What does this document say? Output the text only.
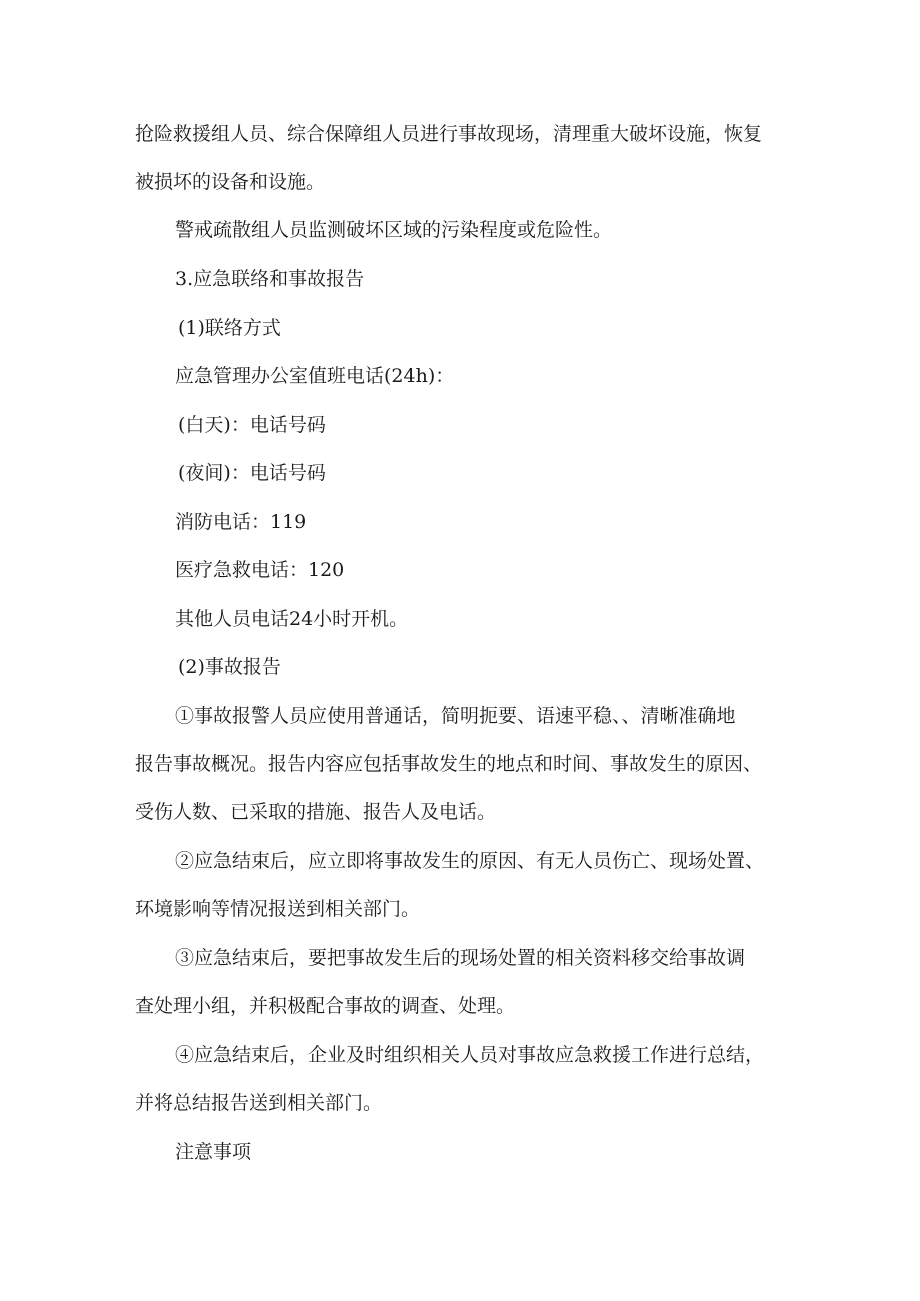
抢险救援组人员、综合保障组人员进行事故现场，清理重大破坏设施，恢复
被损坏的设备和设施。
警戒疏散组人员监测破坏区域的污染程度或危险性。
3.应急联络和事故报告
(1)联络方式
应急管理办公室值班电话(24h)：
(白天)：电话号码
(夜间)：电话号码
消防电话：119
医疗急救电话：120
其他人员电话24小时开机。
(2)事故报告
①事故报警人员应使用普通话，简明扼要、语速平稳、、清晰准确地
报告事故概况。报告内容应包括事故发生的地点和时间、事故发生的原因、
受伤人数、已采取的措施、报告人及电话。
②应急结束后，应立即将事故发生的原因、有无人员伤亡、现场处置、
环境影响等情况报送到相关部门。
③应急结束后，要把事故发生后的现场处置的相关资料移交给事故调
查处理小组，并积极配合事故的调查、处理。
④应急结束后，企业及时组织相关人员对事故应急救援工作进行总结，
并将总结报告送到相关部门。
注意事项
